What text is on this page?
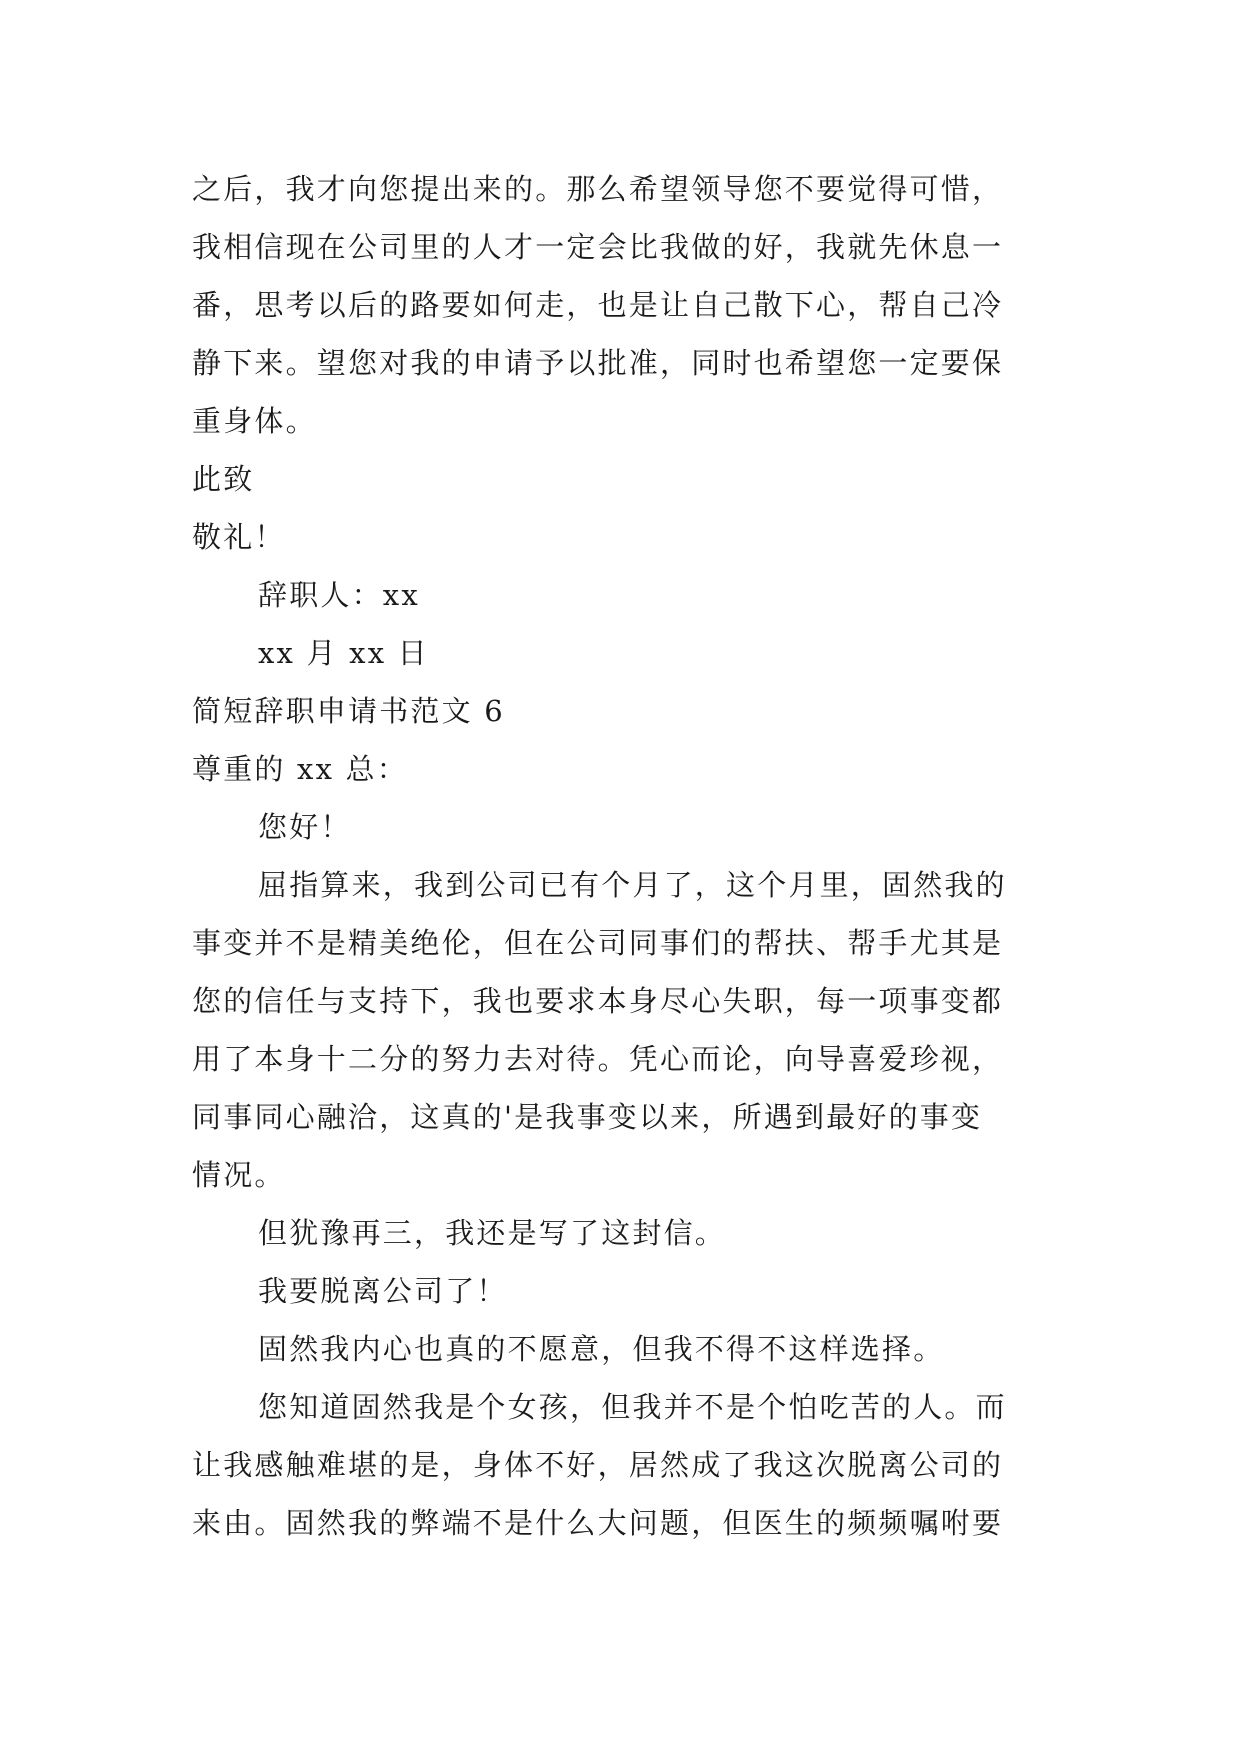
之后，我才向您提出来的。那么希望领导您不要觉得可惜，
我相信现在公司里的人才一定会比我做的好，我就先休息一
番，思考以后的路要如何走，也是让自己散下心，帮自己冷
静下来。望您对我的申请予以批准，同时也希望您一定要保
重身体。
此致
敬礼！
辞职人：xx
xx 月 xx 日
简短辞职申请书范文 6
尊重的 xx 总：
您好！
屈指算来，我到公司已有个月了，这个月里，固然我的
事变并不是精美绝伦，但在公司同事们的帮扶、帮手尤其是
您的信任与支持下，我也要求本身尽心失职，每一项事变都
用了本身十二分的努力去对待。凭心而论，向导喜爱珍视，
同事同心融洽，这真的'是我事变以来，所遇到最好的事变
情况。
但犹豫再三，我还是写了这封信。
我要脱离公司了！
固然我内心也真的不愿意，但我不得不这样选择。
您知道固然我是个女孩，但我并不是个怕吃苦的人。而
让我感触难堪的是，身体不好，居然成了我这次脱离公司的
来由。固然我的弊端不是什么大问题，但医生的频频嘱咐要
